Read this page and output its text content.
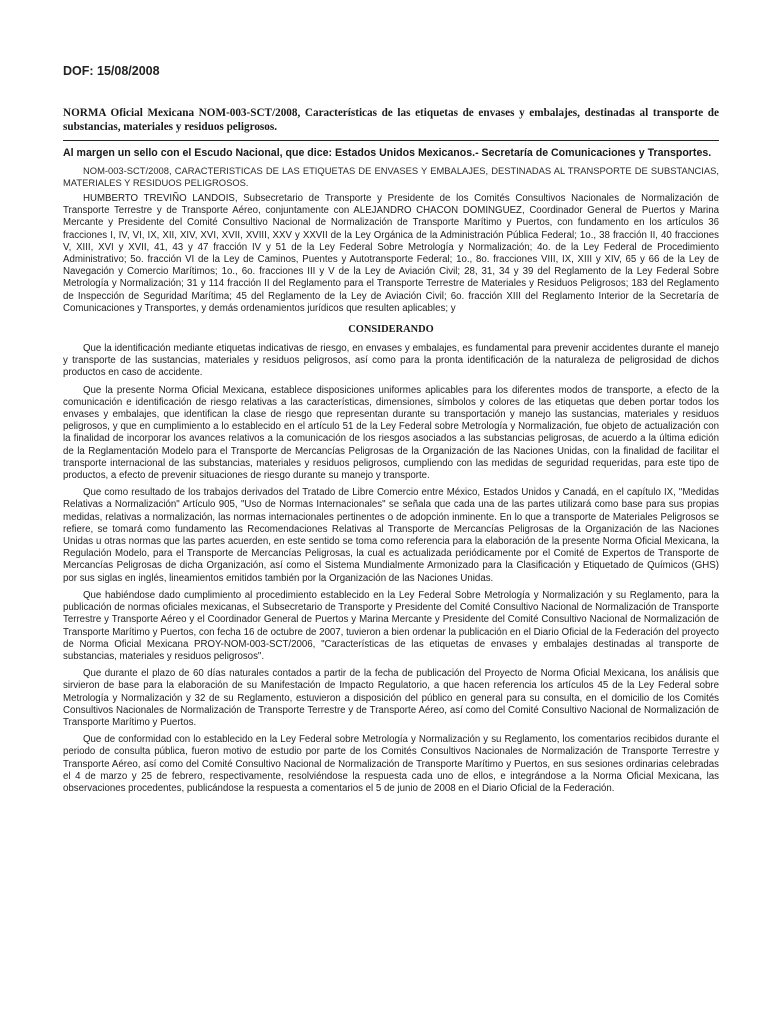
DOF: 15/08/2008
NORMA Oficial Mexicana NOM-003-SCT/2008, Características de las etiquetas de envases y embalajes, destinadas al transporte de substancias, materiales y residuos peligrosos.
Al margen un sello con el Escudo Nacional, que dice: Estados Unidos Mexicanos.- Secretaría de Comunicaciones y Transportes.

NOM-003-SCT/2008, CARACTERISTICAS DE LAS ETIQUETAS DE ENVASES Y EMBALAJES, DESTINADAS AL TRANSPORTE DE SUBSTANCIAS, MATERIALES Y RESIDUOS PELIGROSOS.

HUMBERTO TREVIÑO LANDOIS, Subsecretario de Transporte y Presidente de los Comités Consultivos Nacionales de Normalización de Transporte Terrestre y de Transporte Aéreo, conjuntamente con ALEJANDRO CHACON DOMINGUEZ, Coordinador General de Puertos y Marina Mercante y Presidente del Comité Consultivo Nacional de Normalización de Transporte Marítimo y Puertos, con fundamento en los artículos 36 fracciones I, IV, VI, IX, XII, XIV, XVI, XVII, XVIII, XXV y XXVII de la Ley Orgánica de la Administración Pública Federal; 1o., 38 fracción II, 40 fracciones V, XIII, XVI y XVII, 41, 43 y 47 fracción IV y 51 de la Ley Federal Sobre Metrología y Normalización; 4o. de la Ley Federal de Procedimiento Administrativo; 5o. fracción VI de la Ley de Caminos, Puentes y Autotransporte Federal; 1o., 8o. fracciones VIII, IX, XIII y XIV, 65 y 66 de la Ley de Navegación y Comercio Marítimos; 1o., 6o. fracciones III y V de la Ley de Aviación Civil; 28, 31, 34 y 39 del Reglamento de la Ley Federal Sobre Metrología y Normalización; 31 y 114 fracción II del Reglamento para el Transporte Terrestre de Materiales y Residuos Peligrosos; 183 del Reglamento de Inspección de Seguridad Marítima; 45 del Reglamento de la Ley de Aviación Civil; 6o. fracción XIII del Reglamento Interior de la Secretaría de Comunicaciones y Transportes, y demás ordenamientos jurídicos que resulten aplicables; y

CONSIDERANDO

Que la identificación mediante etiquetas indicativas de riesgo, en envases y embalajes, es fundamental para prevenir accidentes durante el manejo y transporte de las sustancias, materiales y residuos peligrosos, así como para la pronta identificación de la naturaleza de peligrosidad de dichos productos en caso de accidente.

Que la presente Norma Oficial Mexicana, establece disposiciones uniformes aplicables para los diferentes modos de transporte, a efecto de la comunicación e identificación de riesgo relativas a las características, dimensiones, símbolos y colores de las etiquetas que deben portar todos los envases y embalajes, que identifican la clase de riesgo que representan durante su transportación y manejo las sustancias, materiales y residuos peligrosos, y que en cumplimiento a lo establecido en el artículo 51 de la Ley Federal sobre Metrología y Normalización, fue objeto de actualización con la finalidad de incorporar los avances relativos a la comunicación de los riesgos asociados a las substancias peligrosas, de acuerdo a la última edición de la Reglamentación Modelo para el Transporte de Mercancías Peligrosas de la Organización de las Naciones Unidas, con la finalidad de facilitar el transporte internacional de las substancias, materiales y residuos peligrosos, cumpliendo con las medidas de seguridad requeridas, para este tipo de productos, a efecto de prevenir situaciones de riesgo durante su manejo y transporte.

Que como resultado de los trabajos derivados del Tratado de Libre Comercio entre México, Estados Unidos y Canadá, en el capítulo IX, "Medidas Relativas a Normalización" Artículo 905, "Uso de Normas Internacionales" se señala que cada una de las partes utilizará como base para sus propias medidas, relativas a normalización, las normas internacionales pertinentes o de adopción inminente. En lo que a transporte de Materiales Peligrosos se refiere, se tomará como fundamento las Recomendaciones Relativas al Transporte de Mercancías Peligrosas de la Organización de las Naciones Unidas u otras normas que las partes acuerden, en este sentido se toma como referencia para la elaboración de la presente Norma Oficial Mexicana, la Regulación Modelo, para el Transporte de Mercancías Peligrosas, la cual es actualizada periódicamente por el Comité de Expertos de Transporte de Mercancías Peligrosas de dicha Organización, así como el Sistema Mundialmente Armonizado para la Clasificación y Etiquetado de Químicos (GHS) por sus siglas en inglés, lineamientos emitidos también por la Organización de las Naciones Unidas.

Que habiéndose dado cumplimiento al procedimiento establecido en la Ley Federal Sobre Metrología y Normalización y su Reglamento, para la publicación de normas oficiales mexicanas, el Subsecretario de Transporte y Presidente del Comité Consultivo Nacional de Normalización de Transporte Terrestre y Transporte Aéreo y el Coordinador General de Puertos y Marina Mercante y Presidente del Comité Consultivo Nacional de Normalización de Transporte Marítimo y Puertos, con fecha 16 de octubre de 2007, tuvieron a bien ordenar la publicación en el Diario Oficial de la Federación del proyecto de Norma Oficial Mexicana PROY-NOM-003-SCT/2006, "Características de las etiquetas de envases y embalajes destinadas al transporte de substancias, materiales y residuos peligrosos".

Que durante el plazo de 60 días naturales contados a partir de la fecha de publicación del Proyecto de Norma Oficial Mexicana, los análisis que sirvieron de base para la elaboración de su Manifestación de Impacto Regulatorio, a que hacen referencia los artículos 45 de la Ley Federal sobre Metrología y Normalización y 32 de su Reglamento, estuvieron a disposición del público en general para su consulta, en el domicilio de los Comités Consultivos Nacionales de Normalización de Transporte Terrestre y de Transporte Aéreo, así como del Comité Consultivo Nacional de Normalización de Transporte Marítimo y Puertos.

Que de conformidad con lo establecido en la Ley Federal sobre Metrología y Normalización y su Reglamento, los comentarios recibidos durante el periodo de consulta pública, fueron motivo de estudio por parte de los Comités Consultivos Nacionales de Normalización de Transporte Terrestre y Transporte Aéreo, así como del Comité Consultivo Nacional de Normalización de Transporte Marítimo y Puertos, en sus sesiones ordinarias celebradas el 4 de marzo y 25 de febrero, respectivamente, resolviéndose la respuesta cada uno de ellos, e integrándose a la Norma Oficial Mexicana, las observaciones procedentes, publicándose la respuesta a comentarios el 5 de junio de 2008 en el Diario Oficial de la Federación.
